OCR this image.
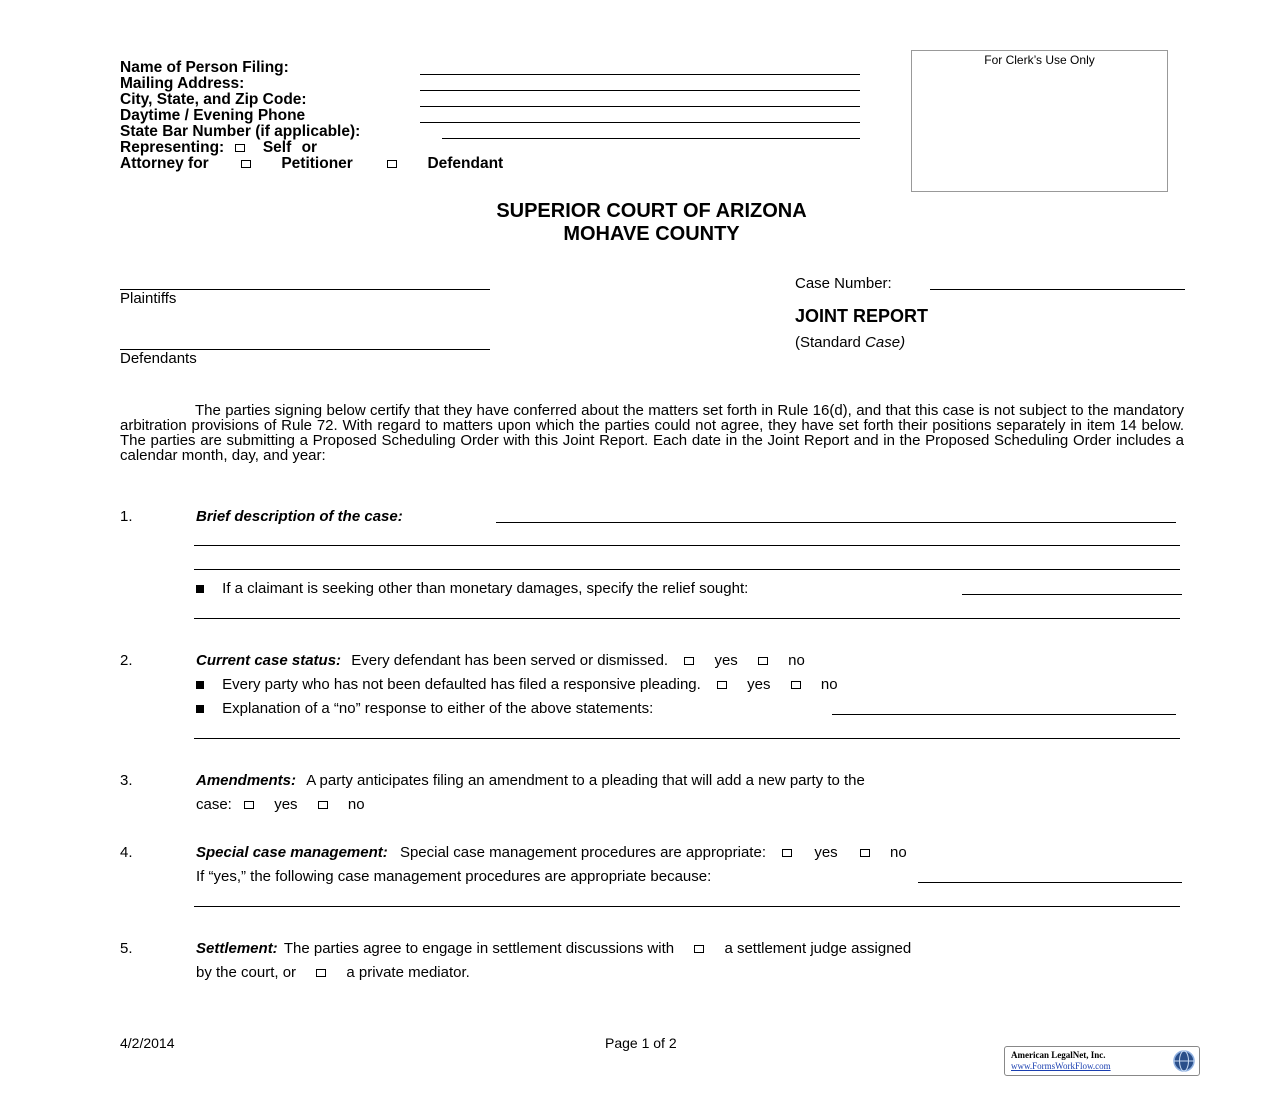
Name of Person Filing:
Mailing Address:
City, State, and Zip Code:
Daytime / Evening Phone
State Bar Number (if applicable):
Representing: Self or
Attorney for	Petitioner	Defendant
For Clerk’s Use Only
SUPERIOR COURT OF ARIZONA
MOHAVE COUNTY
Plaintiffs
Defendants
Case Number:
JOINT REPORT
(Standard Case)
The parties signing below certify that they have conferred about the matters set forth in Rule 16(d), and that this case is not subject to the mandatory arbitration provisions of Rule 72. With regard to matters upon which the parties could not agree, they have set forth their positions separately in item 14 below. The parties are submitting a Proposed Scheduling Order with this Joint Report. Each date in the Joint Report and in the Proposed Scheduling Order includes a calendar month, day, and year:
1.	Brief description of the case:
If a claimant is seeking other than monetary damages, specify the relief sought:
2.	Current case status: Every defendant has been served or dismissed.	yes	no
Every party who has not been defaulted has filed a responsive pleading.	yes	no
Explanation of a “no” response to either of the above statements:
3.	Amendments: A party anticipates filing an amendment to a pleading that will add a new party to the
case:	yes	no
4.	Special case management: Special case management procedures are appropriate:	yes	no
If “yes,” the following case management procedures are appropriate because:
5.	Settlement: The parties agree to engage in settlement discussions with	a settlement judge assigned
by the court, or	a private mediator.
4/2/2014	Page 1 of 2
American LegalNet, Inc.
www.FormsWorkFlow.com
